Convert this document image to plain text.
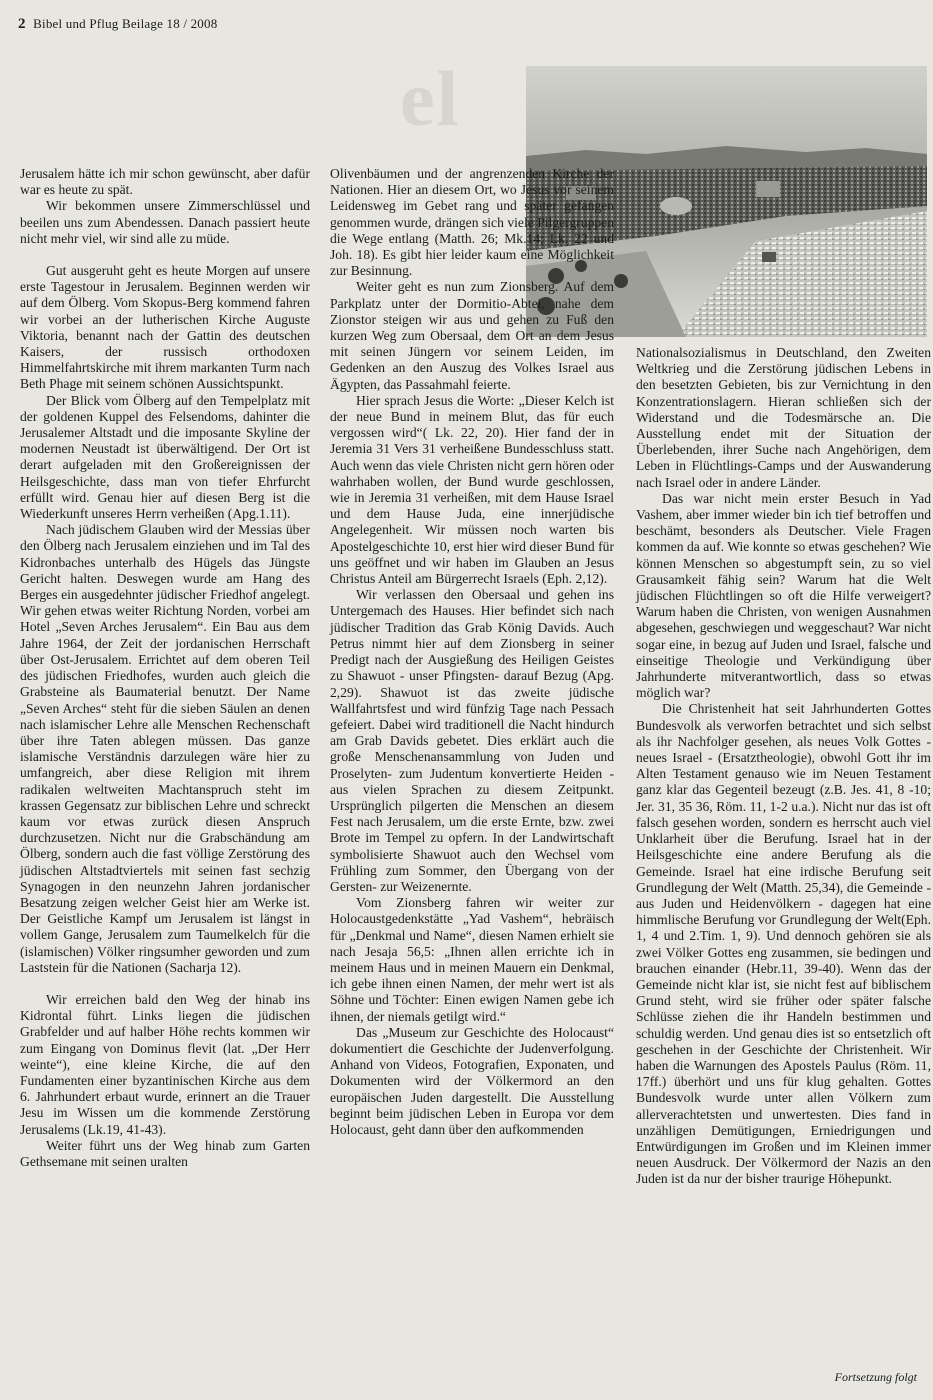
2 Bibel und Pflug Beilage 18 / 2008
el

Jerusalem hätte ich mir schon gewünscht, aber dafür war es heute zu spät.

Wir bekommen unsere Zimmerschlüssel und beeilen uns zum Abendessen. Danach passiert heute nicht mehr viel, wir sind alle zu müde.

Gut ausgeruht geht es heute Morgen auf unsere erste Tagestour in Jerusalem. Beginnen werden wir auf dem Ölberg. Vom Skopus-Berg kommend fahren wir vorbei an der lutherischen Kirche Auguste Viktoria, benannt nach der Gattin des deutschen Kaisers, der russisch orthodoxen Himmelfahrtskirche mit ihrem markanten Turm nach Beth Phage mit seinem schönen Aussichtspunkt.

Der Blick vom Ölberg auf den Tempelplatz mit der goldenen Kuppel des Felsendoms, dahinter die Jerusalemer Altstadt und die imposante Skyline der modernen Neustadt ist überwältigend. Der Ort ist derart aufgeladen mit den Großereignissen der Heilsgeschichte, dass man von tiefer Ehrfurcht erfüllt wird. Genau hier auf diesen Berg ist die Wiederkunft unseres Herrn verheißen (Apg.1.11).

Nach jüdischem Glauben wird der Messias über den Ölberg nach Jerusalem einziehen und im Tal des Kidronbaches unterhalb des Hügels das Jüngste Gericht halten. Deswegen wurde am Hang des Berges ein ausgedehnter jüdischer Friedhof angelegt. Wir gehen etwas weiter Richtung Norden, vorbei am Hotel „Seven Arches Jerusalem“. Ein Bau aus dem Jahre 1964, der Zeit der jordanischen Herrschaft über Ost-Jerusalem. Errichtet auf dem oberen Teil des jüdischen Friedhofes, wurden auch gleich die Grabsteine als Baumaterial benutzt. Der Name „Seven Arches“ steht für die sieben Säulen an denen nach islamischer Lehre alle Menschen Rechenschaft über ihre Taten ablegen müssen. Das ganze islamische Verständnis darzulegen wäre hier zu umfangreich, aber diese Religion mit ihrem radikalen weltweiten Machtanspruch steht im krassen Gegensatz zur biblischen Lehre und schreckt kaum vor etwas zurück diesen Anspruch durchzusetzen. Nicht nur die Grabschändung am Ölberg, sondern auch die fast völlige Zerstörung des jüdischen Altstadtviertels mit seinen fast sechzig Synagogen in den neunzehn Jahren jordanischer Besatzung zeigen welcher Geist hier am Werke ist. Der Geistliche Kampf um Jerusalem ist längst in vollem Gange, Jerusalem zum Taumelkelch für die (islamischen) Völker ringsumher geworden und zum Laststein für die Nationen (Sacharja 12).

Wir erreichen bald den Weg der hinab ins Kidrontal führt. Links liegen die jüdischen Grabfelder und auf halber Höhe rechts kommen wir zum Eingang von Dominus flevit (lat. „Der Herr weinte“), eine kleine Kirche, die auf den Fundamenten einer byzantinischen Kirche aus dem 6. Jahrhundert erbaut wurde, erinnert an die Trauer Jesu im Wissen um die kommende Zerstörung Jerusalems (Lk.19, 41-43).

Weiter führt uns der Weg hinab zum Garten Gethsemane mit seinen uralten

Olivenbäumen und der angrenzenden Kirche der Nationen. Hier an diesem Ort, wo Jesus vor seinem Leidensweg im Gebet rang und später gefangen genommen wurde, drängen sich viele Pilgergruppen die Wege entlang (Matth. 26; Mk.14; Lk. 22 und Joh. 18). Es gibt hier leider kaum eine Möglichkeit zur Besinnung.

Weiter geht es nun zum Zionsberg. Auf dem Parkplatz unter der Dormitio-Abtei, nahe dem Zionstor steigen wir aus und gehen zu Fuß den kurzen Weg zum Obersaal, dem Ort an dem Jesus mit seinen Jüngern vor seinem Leiden, im Gedenken an den Auszug des Volkes Israel aus Ägypten, das Passahmahl feierte.

Hier sprach Jesus die Worte: „Dieser Kelch ist der neue Bund in meinem Blut, das für euch vergossen wird“( Lk. 22, 20). Hier fand der in Jeremia 31 Vers 31 verheißene Bundesschluss statt. Auch wenn das viele Christen nicht gern hören oder wahrhaben wollen, der Bund wurde geschlossen, wie in Jeremia 31 verheißen, mit dem Hause Israel und dem Hause Juda, eine innerjüdische Angelegenheit. Wir müssen noch warten bis Apostelgeschichte 10, erst hier wird dieser Bund für uns geöffnet und wir haben im Glauben an Jesus Christus Anteil am Bürgerrecht Israels (Eph. 2,12).

Wir verlassen den Obersaal und gehen ins Untergemach des Hauses. Hier befindet sich nach jüdischer Tradition das Grab König Davids. Auch Petrus nimmt hier auf dem Zionsberg in seiner Predigt nach der Ausgießung des Heiligen Geistes zu Shawuot - unser Pfingsten- darauf Bezug (Apg. 2,29). Shawuot ist das zweite jüdische Wallfahrtsfest und wird fünfzig Tage nach Pessach gefeiert. Dabei wird traditionell die Nacht hindurch am Grab Davids gebetet. Dies erklärt auch die große Menschenansammlung von Juden und Proselyten- zum Judentum konvertierte Heiden - aus vielen Sprachen zu diesem Zeitpunkt. Ursprünglich pilgerten die Menschen an diesem Fest nach Jerusalem, um die erste Ernte, bzw. zwei Brote im Tempel zu opfern. In der Landwirtschaft symbolisierte Shawuot auch den Wechsel vom Frühling zum Sommer, den Übergang von der Gersten- zur Weizenernte.

Vom Zionsberg fahren wir weiter zur Holocaustgedenkstätte „Yad Vashem“, hebräisch für „Denkmal und Name“, diesen Namen erhielt sie nach Jesaja 56,5: „Ihnen allen errichte ich in meinem Haus und in meinen Mauern ein Denkmal, ich gebe ihnen einen Namen, der mehr wert ist als Söhne und Töchter: Einen ewigen Namen gebe ich ihnen, der niemals getilgt wird.“

Das „Museum zur Geschichte des Holocaust“ dokumentiert die Geschichte der Judenverfolgung. Anhand von Videos, Fotografien, Exponaten, und Dokumenten wird der Völkermord an den europäischen Juden dargestellt. Die Ausstellung beginnt beim jüdischen Leben in Europa vor dem Holocaust, geht dann über den aufkommenden

Nationalsozialismus in Deutschland, den Zweiten Weltkrieg und die Zerstörung jüdischen Lebens in den besetzten Gebieten, bis zur Vernichtung in den Konzentrationslagern. Hieran schließen sich der Widerstand und die Todesmärsche an. Die Ausstellung endet mit der Situation der Überlebenden, ihrer Suche nach Angehörigen, dem Leben in Flüchtlings-Camps und der Auswanderung nach Israel oder in andere Länder.

Das war nicht mein erster Besuch in Yad Vashem, aber immer wieder bin ich tief betroffen und beschämt, besonders als Deutscher. Viele Fragen kommen da auf. Wie konnte so etwas geschehen? Wie können Menschen so abgestumpft sein, zu so viel Grausamkeit fähig sein? Warum hat die Welt jüdischen Flüchtlingen so oft die Hilfe verweigert? Warum haben die Christen, von wenigen Ausnahmen abgesehen, geschwiegen und weggeschaut? War nicht sogar eine, in bezug auf Juden und Israel, falsche und einseitige Theologie und Verkündigung über Jahrhunderte mitverantwortlich, dass so etwas möglich war?

Die Christenheit hat seit Jahrhunderten Gottes Bundesvolk als verworfen betrachtet und sich selbst als ihr Nachfolger gesehen, als neues Volk Gottes - neues Israel - (Ersatztheologie), obwohl Gott ihr im Alten Testament genauso wie im Neuen Testament ganz klar das Gegenteil bezeugt (z.B. Jes. 41, 8 -10; Jer. 31, 35 36, Röm. 11, 1-2 u.a.). Nicht nur das ist oft falsch gesehen worden, sondern es herrscht auch viel Unklarheit über die Berufung. Israel hat in der Heilsgeschichte eine andere Berufung als die Gemeinde. Israel hat eine irdische Berufung seit Grundlegung der Welt (Matth. 25,34), die Gemeinde - aus Juden und Heidenvölkern - dagegen hat eine himmlische Berufung vor Grundlegung der Welt(Eph. 1, 4 und 2.Tim. 1, 9). Und dennoch gehören sie als zwei Völker Gottes eng zusammen, sie bedingen und brauchen einander (Hebr.11, 39-40). Wenn das der Gemeinde nicht klar ist, sie nicht fest auf biblischem Grund steht, wird sie früher oder später falsche Schlüsse ziehen die ihr Handeln bestimmen und schuldig werden. Und genau dies ist so entsetzlich oft geschehen in der Geschichte der Christenheit. Wir haben die Warnungen des Apostels Paulus (Röm. 11, 17ff.) überhört und uns für klug gehalten. Gottes Bundesvolk wurde unter allen Völkern zum allerverachtetsten und unwertesten. Dies fand in unzähligen Demütigungen, Erniedrigungen und Entwürdigungen im Großen und im Kleinen immer neuen Ausdruck. Der Völkermord der Nazis an den Juden ist da nur der bisher traurige Höhepunkt.

Fortsetzung folgt
